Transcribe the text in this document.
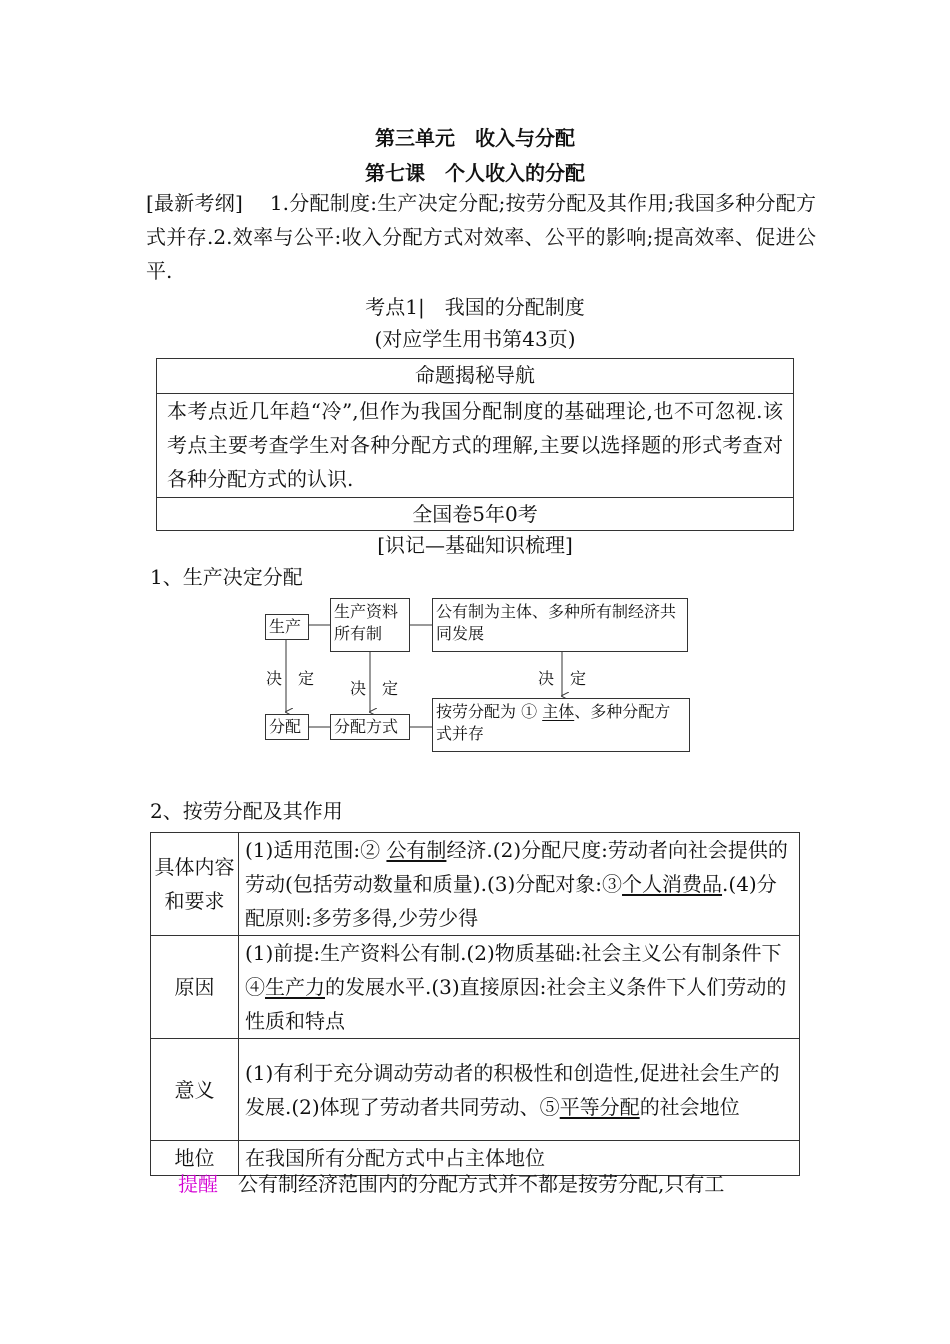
第三单元　收入与分配
第七课　个人收入的分配
[最新考纲]　 1.分配制度:生产决定分配;按劳分配及其作用;我国多种分配方式并存.2.效率与公平:收入分配方式对效率、公平的影响;提高效率、促进公平.
考点1|　我国的分配制度
(对应学生用书第43页)
命题揭秘导航
本考点近几年趋“冷”,但作为我国分配制度的基础理论,也不可忽视.该考点主要考查学生对各种分配方式的理解,主要以选择题的形式考查对各种分配方式的认识.
全国卷5年0考
[识记—基础知识梳理]
1、生产决定分配
生产
生产资料所有制
公有制为主体、多种所有制经济共同发展
决　定
决　定
决　定
分配	分配方式
按劳分配为 ① 主体、多种分配方式并存
2、按劳分配及其作用
具体内容
和要求	(1)适用范围:② 公有制经济.(2)分配尺度:劳动者向社会提供的劳动(包括劳动数量和质量).(3)分配对象:③个人消费品.(4)分配原则:多劳多得,少劳少得
原因	(1)前提:生产资料公有制.(2)物质基础:社会主义公有制条件下④生产力的发展水平.(3)直接原因:社会主义条件下人们劳动的性质和特点
意义	(1)有利于充分调动劳动者的积极性和创造性,促进社会生产的发展.(2)体现了劳动者共同劳动、⑤平等分配的社会地位
地位	在我国所有分配方式中占主体地位
提醒  公有制经济范围内的分配方式并不都是按劳分配,只有工
